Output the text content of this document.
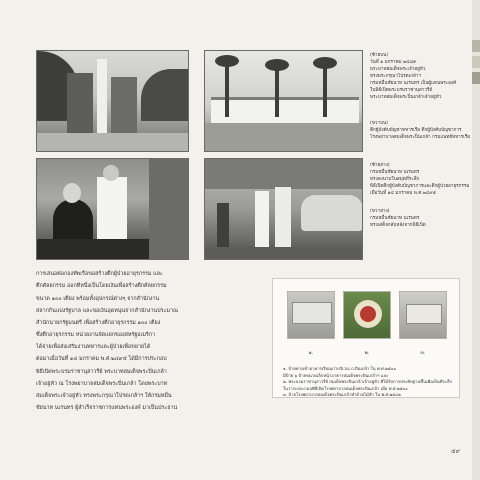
(ซ้ายบน)
วันที่ ๑ มกราคม ๒๔๘๙
พระบาทสมเด็จพระเจ้าอยู่หัว
ทรงพระกรุณาโปรดเกล้าฯ
กรมหมื่นชัยนาท นเรนทร เป็นผู้แทนพระองค์
ในพิธีเปิดพระบรมราชานุสาวรีย์
พระบาทสมเด็จพระปิ่นเกล้าเจ้าอยู่หัว
(ขวาบน)
ตึกผู้บังคับบัญชาทหารเรือ ตึกผู้บังคับบัญชาการ
โรงพยาบาลสมเด็จพระปิ่นเกล้า กรมแพทย์ทหารเรือ
(ซ้ายล่าง)
กรมหมื่นชัยนาท นเรนทร
ทรงลงนามในสมุดที่ระลึก
พิธีเปิดตึกผู้บังคับบัญชาการและตึกผู้ป่วยอายุรกรรม
เมื่อวันที่ ๑๔ มกราคม พ.ศ.๒๔๙๕
(ขวาล่าง)
กรมหมื่นชัยนาท นเรนทร
ทรงเสด็จกลับหลังจากพิธีเปิด
การเสนอต่อกองทัพเรือขอสร้างตึกผู้ป่วยอายุรกรรม และ
ตึกศัลยกรรม ออกทีหนึ่งเป็นโดยเงินเพื่อสร้างตึกศัลยกรรม
ขนาด ๑๐๐ เตียง พร้อมทั้งอุปกรณ์ต่างๆ จากสำนักงาน
สลากกินแบ่งรัฐบาล และขอเงินอุดหนุนจากสำนักงานประมาณ
สำนักนายกรัฐมนตรี เพื่อสร้างตึกอายุรกรรม ๑๐๐ เตียง
ซึ่งตึกอายุรกรรม หน่วยงานจัดแยกของสหรัฐอเมริกา
ได้จ่ายเพื่อส่งเสริมงานทหารและผู้ป่วยเพื่อขยายได้
ต่อมาเมื่อวันที่ ๑๔ มกราคม พ.ศ.๒๔๙๕ ได้มีการประกอบ
พิธีเปิดพระบรมราชานุสาวรีย์ พระบาทสมเด็จพระปิ่นเกล้า
เจ้าอยู่หัว ณ โรงพยาบาลสมเด็จพระปิ่นเกล้า โดยพระบาท
สมเด็จพระเจ้าอยู่หัว ทรงพระกรุณาโปรดเกล้าฯ ให้กรมหมื่น
ชัยนาท นเรนทร ผู้สำเร็จราชการแทนพระองค์ มาเป็นประธาน
๑.	๒.	๓.
๑. ป้ายทางเข้าอาคารเรียนเก่าบริเวณ ถ.ปิ่นเกล้า ใน พ.ศ.๒๕๐๐
มีป้าย ๖ ป้ายขนาดเล็กหน้าอาคารสมเด็จพระปิ่นเกล้าฯ และ
๒. พระบรมราชานุสาวรีย์ สมเด็จพระปิ่นเกล้าเจ้าอยู่หัว ที่ได้รับการประดิษฐานขึ้นเพื่อเป็นที่ระลึก
ในวาระประกอบพิธีเปิดโรงพยาบาลสมเด็จพระปิ่นเกล้า เมื่อ พ.ศ.๒๕๐๐
๓. ป้ายโรงพยาบาลสมเด็จพระปิ่นเกล้าทำด้วยไม้สัก ใน พ.ศ.๒๕๐๒
๕๙
